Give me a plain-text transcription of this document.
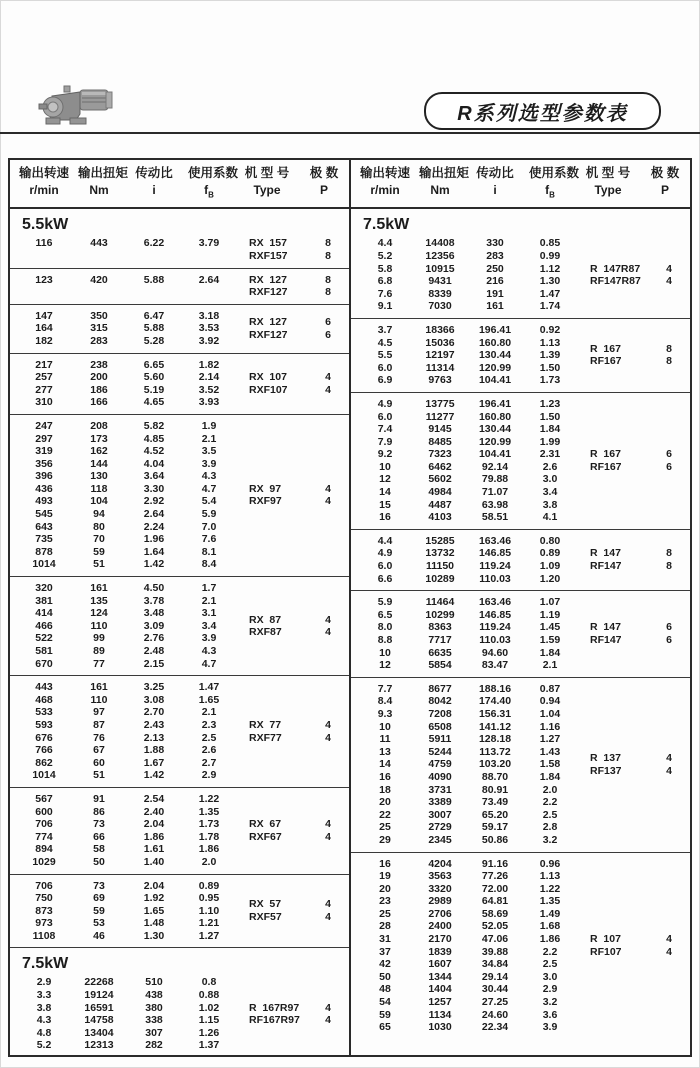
R系列选型参数表
输出转速 输出扭矩 传动比	使用系数 机 型 号	极 数
r/min	Nm	i	$f_B$	Type	P
5.5kW
116	443	6.22	3.79	RX  157	8
RXF157	8
123	420	5.88	2.64	RX  127	8
RXF127	8
147	350	6.47	3.18
164	315	5.88	3.53
182	283	5.28	3.92
RX  127	6
RXF127	6
217	238	6.65	1.82
257	200	5.60	2.14
277	186	5.19	3.52
310	166	4.65	3.93
RX  107	4
RXF107	4
247	208	5.82	1.9
297	173	4.85	2.1
319	162	4.52	3.5
356	144	4.04	3.9
396	130	3.64	4.3
436	118	3.30	4.7
493	104	2.92	5.4
545	94	2.64	5.9
643	80	2.24	7.0
735	70	1.96	7.6
878	59	1.64	8.1
1014	51	1.42	8.4
RX  97	4
RXF97	4
320	161	4.50	1.7
381	135	3.78	2.1
414	124	3.48	3.1
466	110	3.09	3.4
522	99	2.76	3.9
581	89	2.48	4.3
670	77	2.15	4.7
RX  87	4
RXF87	4
443	161	3.25	1.47
468	110	3.08	1.65
533	97	2.70	2.1
593	87	2.43	2.3
676	76	2.13	2.5
766	67	1.88	2.6
862	60	1.67	2.7
1014	51	1.42	2.9
RX  77	4
RXF77	4
567	91	2.54	1.22
600	86	2.40	1.35
706	73	2.04	1.73
774	66	1.86	1.78
894	58	1.61	1.86
1029	50	1.40	2.0
RX  67	4
RXF67	4
706	73	2.04	0.89
750	69	1.92	0.95
873	59	1.65	1.10
973	53	1.48	1.21
1108	46	1.30	1.27
RX  57	4
RXF57	4
7.5kW
2.9	22268	510	0.8
3.3	19124	438	0.88
3.8	16591	380	1.02
4.3	14758	338	1.15
4.8	13404	307	1.26
5.2	12313	282	1.37
R  167R97	4
RF167R97	4
输出转速 输出扭矩 传动比	使用系数 机 型 号	极 数
r/min	Nm	i	$f_B$	Type	P
7.5kW
4.4	14408	330	0.85
5.2	12356	283	0.99
5.8	10915	250	1.12
6.8	9431	216	1.30
7.6	8339	191	1.47
9.1	7030	161	1.74
R  147R87	4
RF147R87	4
3.7	18366	196.41	0.92
4.5	15036	160.80	1.13
5.5	12197	130.44	1.39
6.0	11314	120.99	1.50
6.9	9763	104.41	1.73
R  167	8
RF167	8
4.9	13775	196.41	1.23
6.0	11277	160.80	1.50
7.4	9145	130.44	1.84
7.9	8485	120.99	1.99
9.2	7323	104.41	2.31
10	6462	92.14	2.6
12	5602	79.88	3.0
14	4984	71.07	3.4
15	4487	63.98	3.8
16	4103	58.51	4.1
R  167	6
RF167	6
4.4	15285	163.46	0.80
4.9	13732	146.85	0.89
6.0	11150	119.24	1.09
6.6	10289	110.03	1.20
R  147	8
RF147	8
5.9	11464	163.46	1.07
6.5	10299	146.85	1.19
8.0	8363	119.24	1.45
8.8	7717	110.03	1.59
10	6635	94.60	1.84
12	5854	83.47	2.1
R  147	6
RF147	6
7.7	8677	188.16	0.87
8.4	8042	174.40	0.94
9.3	7208	156.31	1.04
10	6508	141.12	1.16
11	5911	128.18	1.27
13	5244	113.72	1.43
14	4759	103.20	1.58
16	4090	88.70	1.84
18	3731	80.91	2.0
20	3389	73.49	2.2
22	3007	65.20	2.5
25	2729	59.17	2.8
29	2345	50.86	3.2
R  137	4
RF137	4
16	4204	91.16	0.96
19	3563	77.26	1.13
20	3320	72.00	1.22
23	2989	64.81	1.35
25	2706	58.69	1.49
28	2400	52.05	1.68
31	2170	47.06	1.86
37	1839	39.88	2.2
42	1607	34.84	2.5
50	1344	29.14	3.0
48	1404	30.44	2.9
54	1257	27.25	3.2
59	1134	24.60	3.6
65	1030	22.34	3.9
R  107	4
RF107	4
